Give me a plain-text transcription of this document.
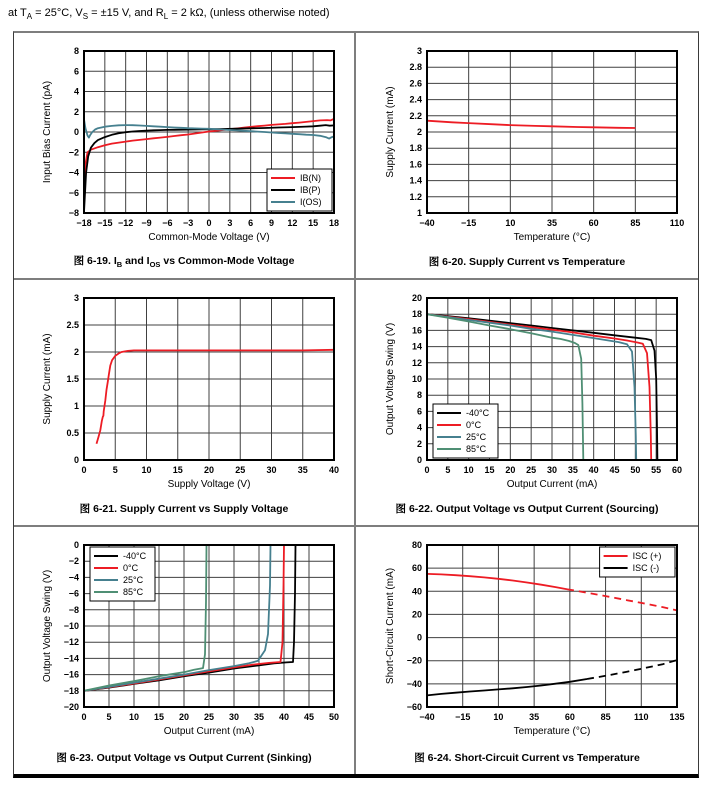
at $T_A = 25^\circ C$, $V_S = \pm 15$ V, and $R_L = 2$ kΩ, (unless otherwise noted)
−18 −15 −12 −9 −6 −3 0 3 6 9 12 15 18
−8
−6
−4
−2
0
2
4
6
8
Common-Mode Voltage (V)
Input Bias Current (pA)	IB(N)
IB(P)
I(OS)
图 6-19. $I_B$ and $I_{OS}$ vs Common-Mode Voltage
−40	−15	10	35	60	85	110
1
1.2
1.4
1.6
1.8
2
2.2
2.4
2.6
2.8
3
Temperature (°C)
Supply Current (mA)
图 6-20. Supply Current vs Temperature
0	5	10 15 20 25 30 35 40
0
0.5
1
1.5
2
2.5
3
Supply Voltage (V)
Supply Current (mA)
图 6-21. Supply Current vs Supply Voltage
0 5 10 15 20 25 30 35 40 45 50 55 60
0
2
4
6
8
10
12
14
16
18
20
Output Current (mA)
Output Voltage Swing (V)	-40°C
0°C
25°C
85°C
图 6-22. Output Voltage vs Output Current (Sourcing)
0 5 10 15 20 25 30 35 40 45 50
0
−2
−4
−6
−8
−10
−12
−14
−16
−18
−20
Output Current (mA)
Output Voltage Swing (V)
-40°C
0°C
25°C
85°C
图 6-23. Output Voltage vs Output Current (Sinking)
−40 −15	10	35	60	85	110 135
−60
−40
−20
0
20
40
60
80
Temperature (°C)
Short-Circuit Current (mA)
ISC (+)
ISC (-)
图 6-24. Short-Circuit Current vs Temperature
